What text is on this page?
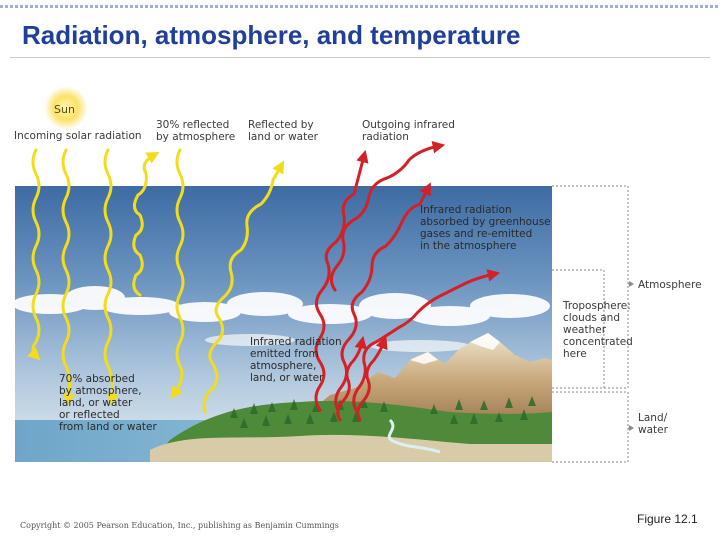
Radiation, atmosphere, and temperature
Sun
Incoming solar radiation
30% reflected
by atmosphere
Reflected by
land or water
Outgoing infrared
radiation
Infrared radiation
absorbed by greenhouse
gases and re-emitted
in the atmosphere
Infrared radiation
emitted from
atmosphere,
land, or water
70% absorbed
by atmosphere,
land, or water
or reflected
from land or water
Troposphere:
clouds and
weather
concentrated
here
Atmosphere
Land/
water
Copyright © 2005 Pearson Education, Inc., publishing as Benjamin Cummings	Figure 12.1
